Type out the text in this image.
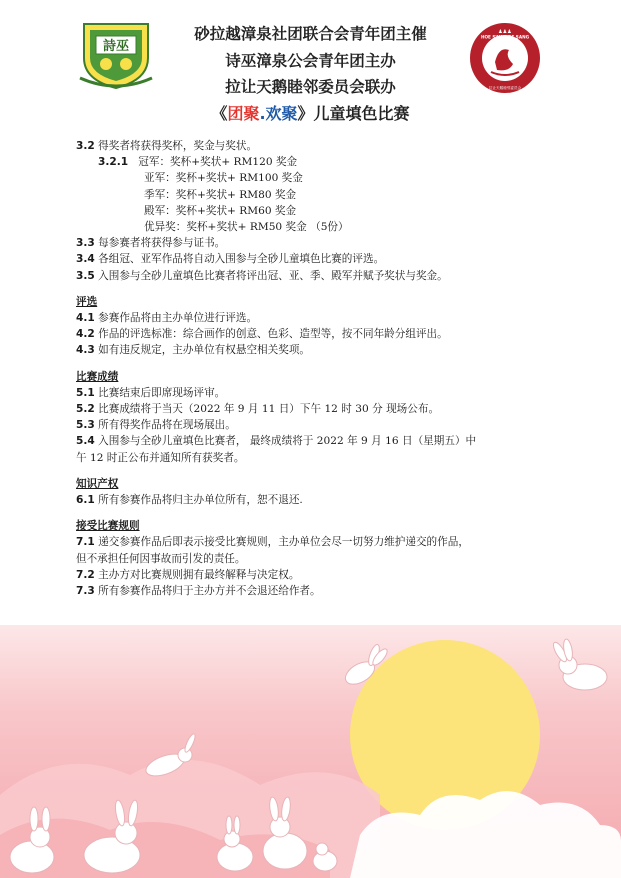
詩巫
♟♟♟
拉让天鹅睦邻委员会
HOE SWAN DE SANG
砂拉越漳泉社团联合会青年团主催
诗巫漳泉公会青年团主办
拉让天鹅睦邻委员会联办
《团聚.欢聚》儿童填色比赛
3.2 得奖者将获得奖杯，奖金与奖状。
3.2.1 冠军：奖杯+奖状+ RM120 奖金
亚军：奖杯+奖状+ RM100 奖金
季军：奖杯+奖状+ RM80 奖金
殿军：奖杯+奖状+ RM60 奖金
优异奖：奖杯+奖状+ RM50 奖金 （5份）
3.3 每参赛者将获得参与证书。
3.4 各组冠、亚军作品将自动入围参与全砂儿童填色比赛的评选。
3.5 入围参与全砂儿童填色比赛者将评出冠、亚、季、殿军并赋予奖状与奖金。
评选
4.1 参赛作品将由主办单位进行评选。
4.2 作品的评选标准：综合画作的创意、色彩、造型等，按不同年龄分组评出。
4.3 如有违反规定，主办单位有权悬空相关奖项。
比赛成绩
5.1 比赛结束后即席现场评审。
5.2 比赛成绩将于当天（2022 年 9 月 11 日）下午 12 时 30 分 现场公布。
5.3 所有得奖作品将在现场展出。
5.4 入围参与全砂儿童填色比赛者， 最终成绩将于 2022 年 9 月 16 日（星期五）中
午 12 时正公布并通知所有获奖者。
知识产权
6.1 所有参赛作品将归主办单位所有，恕不退还.
接受比赛规则
7.1 递交参赛作品后即表示接受比赛规则，主办单位会尽一切努力维护递交的作品，
但不承担任何因事故而引发的责任。
7.2 主办方对比赛规则拥有最终解释与决定权。
7.3 所有参赛作品将归于主办方并不会退还给作者。
